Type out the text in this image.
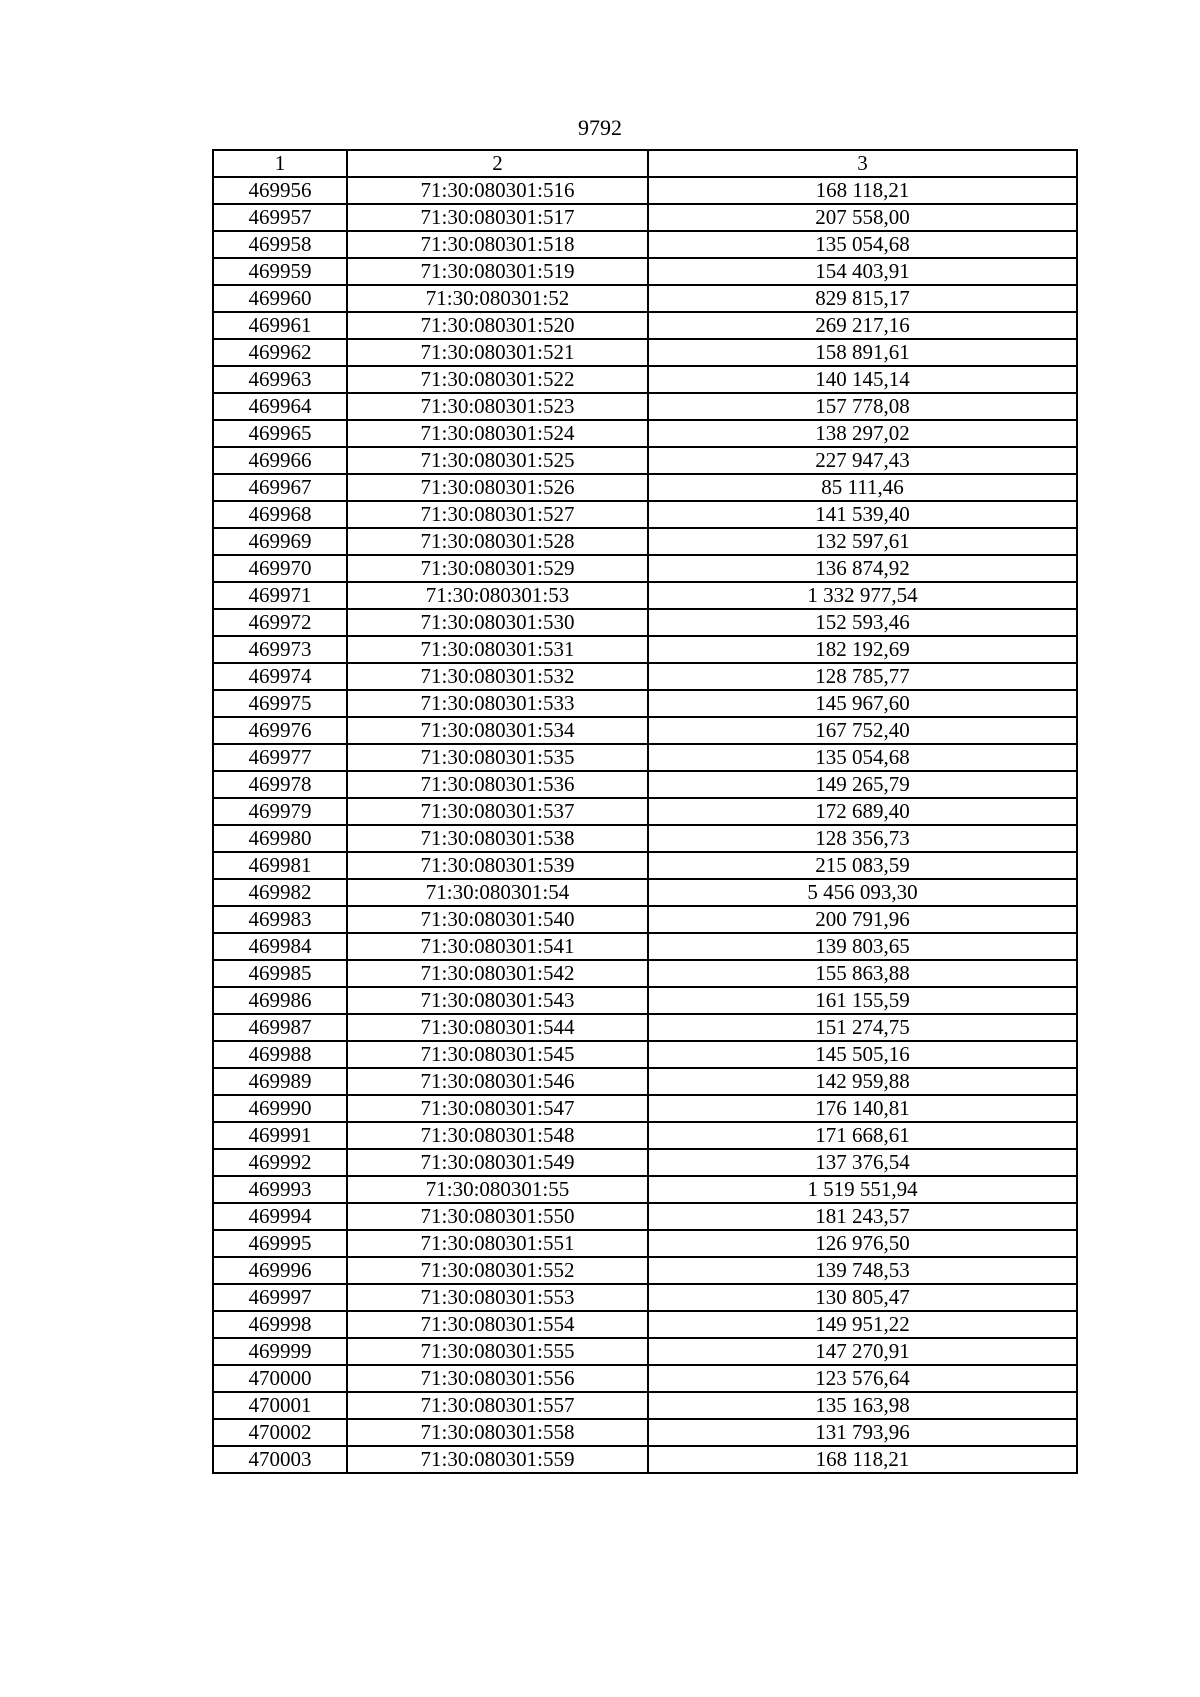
9792
1	2	3
469956	71:30:080301:516	168 118,21
469957	71:30:080301:517	207 558,00
469958	71:30:080301:518	135 054,68
469959	71:30:080301:519	154 403,91
469960	71:30:080301:52	829 815,17
469961	71:30:080301:520	269 217,16
469962	71:30:080301:521	158 891,61
469963	71:30:080301:522	140 145,14
469964	71:30:080301:523	157 778,08
469965	71:30:080301:524	138 297,02
469966	71:30:080301:525	227 947,43
469967	71:30:080301:526	85 111,46
469968	71:30:080301:527	141 539,40
469969	71:30:080301:528	132 597,61
469970	71:30:080301:529	136 874,92
469971	71:30:080301:53	1 332 977,54
469972	71:30:080301:530	152 593,46
469973	71:30:080301:531	182 192,69
469974	71:30:080301:532	128 785,77
469975	71:30:080301:533	145 967,60
469976	71:30:080301:534	167 752,40
469977	71:30:080301:535	135 054,68
469978	71:30:080301:536	149 265,79
469979	71:30:080301:537	172 689,40
469980	71:30:080301:538	128 356,73
469981	71:30:080301:539	215 083,59
469982	71:30:080301:54	5 456 093,30
469983	71:30:080301:540	200 791,96
469984	71:30:080301:541	139 803,65
469985	71:30:080301:542	155 863,88
469986	71:30:080301:543	161 155,59
469987	71:30:080301:544	151 274,75
469988	71:30:080301:545	145 505,16
469989	71:30:080301:546	142 959,88
469990	71:30:080301:547	176 140,81
469991	71:30:080301:548	171 668,61
469992	71:30:080301:549	137 376,54
469993	71:30:080301:55	1 519 551,94
469994	71:30:080301:550	181 243,57
469995	71:30:080301:551	126 976,50
469996	71:30:080301:552	139 748,53
469997	71:30:080301:553	130 805,47
469998	71:30:080301:554	149 951,22
469999	71:30:080301:555	147 270,91
470000	71:30:080301:556	123 576,64
470001	71:30:080301:557	135 163,98
470002	71:30:080301:558	131 793,96
470003	71:30:080301:559	168 118,21
